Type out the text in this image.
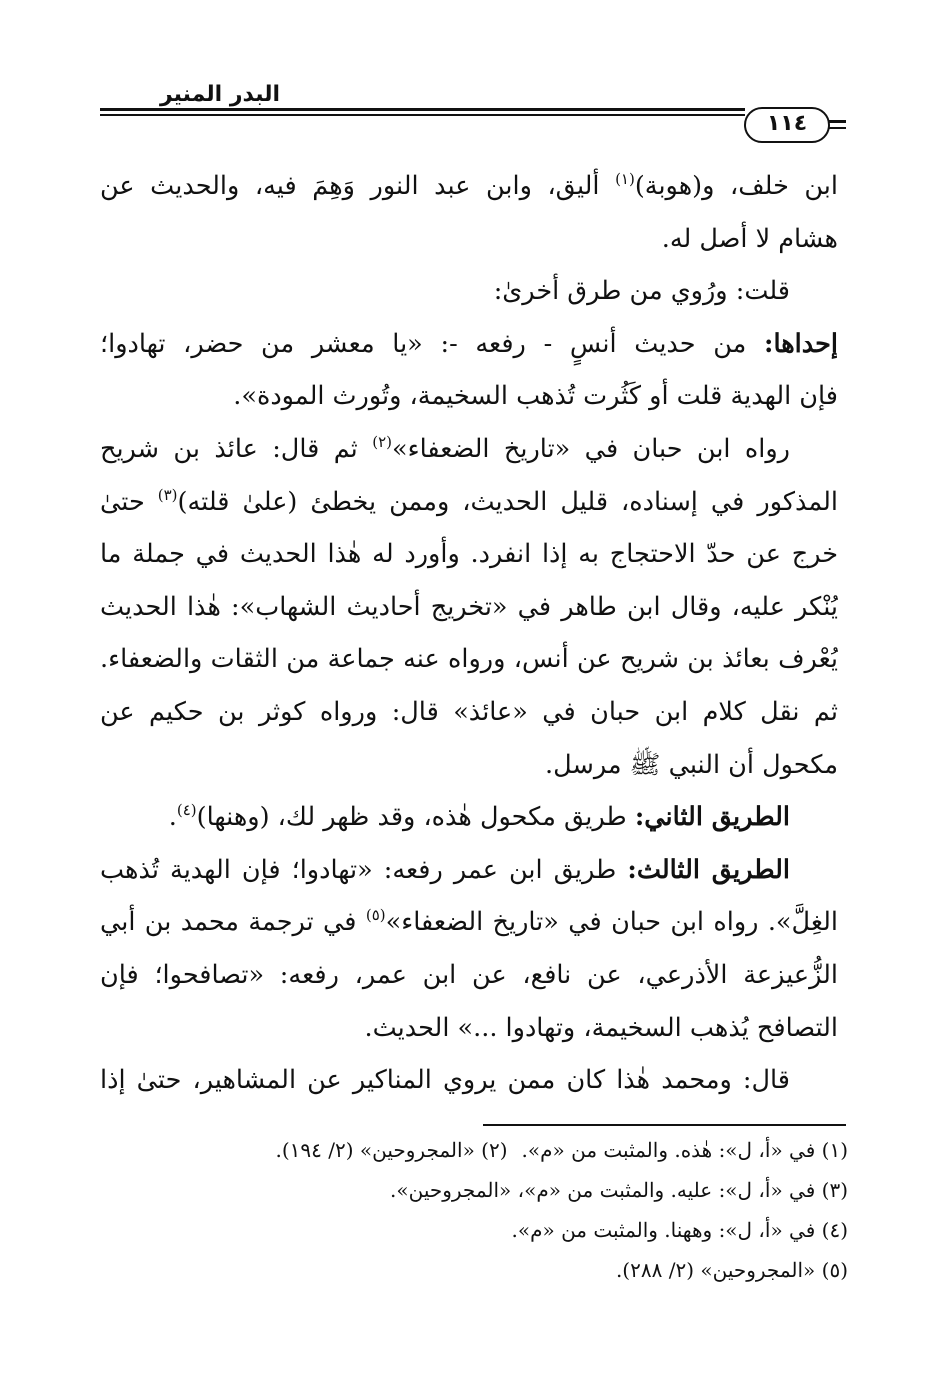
البدر المنير
١١٤
ابن خلف، و(هوبة)$^{(١)}$ أليق، وابن عبد النور وَهِمَ فيه، والحديث عن
هشام لا أصل له.
قلت: ورُوي من طرق أخرىٰ:
إحداها: من حديث أنسٍ - رفعه -: «يا معشر من حضر، تهادوا؛
فإن الهدية قلت أو كَثُرت تُذهب السخيمة، وتُورث المودة».
رواه ابن حبان في «تاريخ الضعفاء»$^{(٢)}$ ثم قال: عائذ بن شريح
المذكور في إسناده، قليل الحديث، وممن يخطئ (علىٰ قلته)$^{(٣)}$ حتىٰ
خرج عن حدّ الاحتجاج به إذا انفرد. وأورد له هٰذا الحديث في جملة ما
يُنْكر عليه، وقال ابن طاهر في «تخريج أحاديث الشهاب»: هٰذا الحديث
يُعْرف بعائذ بن شريح عن أنس، ورواه عنه جماعة من الثقات والضعفاء.
ثم نقل كلام ابن حبان في «عائذ» قال: ورواه كوثر بن حكيم عن
مكحول أن النبي ﷺ مرسل.
الطريق الثاني: طريق مكحول هٰذه، وقد ظهر لك، (وهنها)$^{(٤)}$.
الطريق الثالث: طريق ابن عمر رفعه: «تهادوا؛ فإن الهدية تُذهب
الغِلَّ». رواه ابن حبان في «تاريخ الضعفاء»$^{(٥)}$ في ترجمة محمد بن أبي
الزُّعيزعة الأذرعي، عن نافع، عن ابن عمر، رفعه: «تصافحوا؛ فإن
التصافح يُذهب السخيمة، وتهادوا ...» الحديث.
قال: ومحمد هٰذا كان ممن يروي المناكير عن المشاهير، حتىٰ إذا
(١) في «أ، ل»: هٰذه. والمثبت من «م».(٢) «المجروحين» (٢/ ١٩٤).
(٣) في «أ، ل»: عليه. والمثبت من «م»، «المجروحين».
(٤) في «أ، ل»: وههنا. والمثبت من «م».
(٥) «المجروحين» (٢/ ٢٨٨).
